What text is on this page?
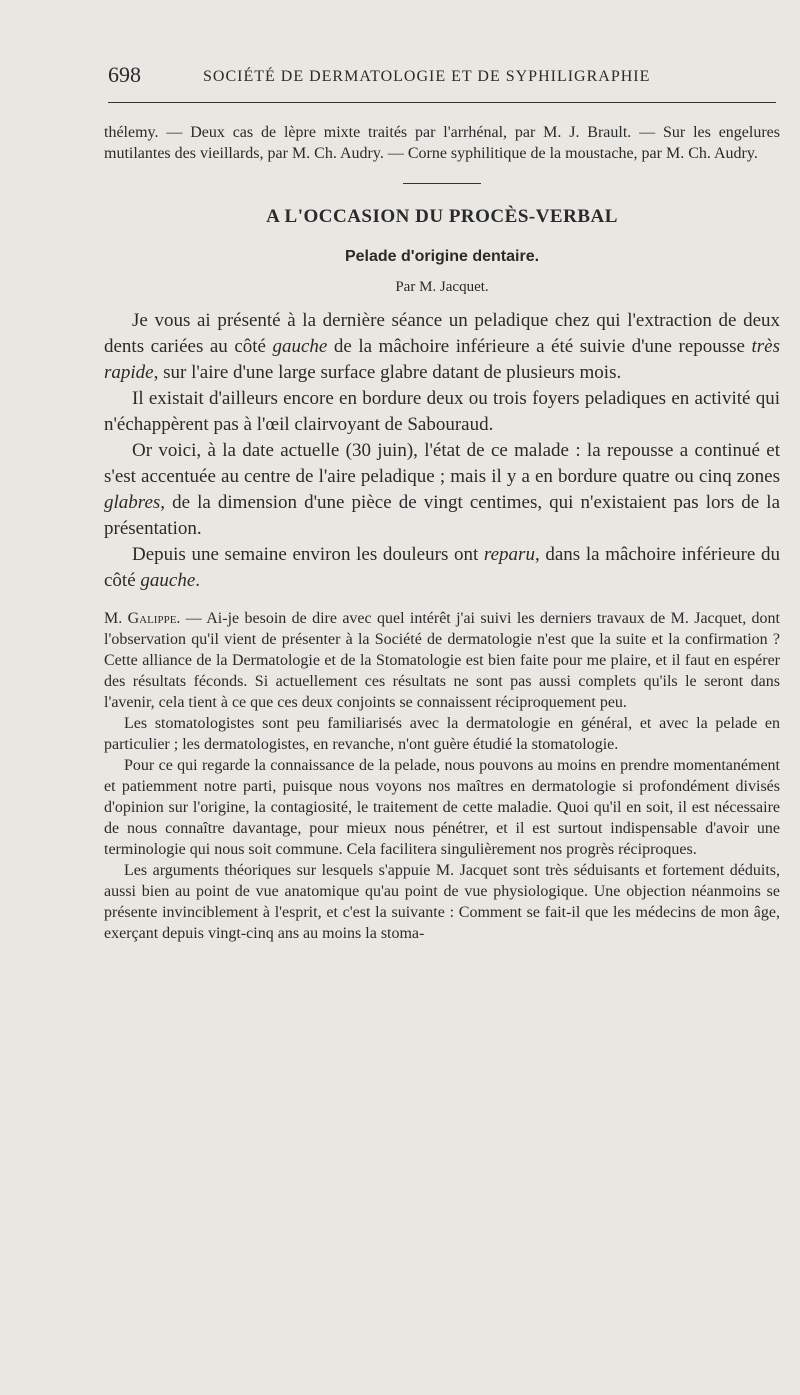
698	SOCIÉTÉ DE DERMATOLOGIE ET DE SYPHILIGRAPHIE

thélemy. — Deux cas de lèpre mixte traités par l'arrhénal, par M. J. Brault. — Sur les engelures mutilantes des vieillards, par M. Ch. Audry. — Corne syphilitique de la moustache, par M. Ch. Audry.

A L'OCCASION DU PROCÈS-VERBAL
Pelade d'origine dentaire.

Par M. Jacquet.

Je vous ai présenté à la dernière séance un peladique chez qui l'extraction de deux dents cariées au côté gauche de la mâchoire inférieure a été suivie d'une repousse très rapide, sur l'aire d'une large surface glabre datant de plusieurs mois.

Il existait d'ailleurs encore en bordure deux ou trois foyers peladiques en activité qui n'échappèrent pas à l'œil clairvoyant de Sabouraud.

Or voici, à la date actuelle (30 juin), l'état de ce malade : la repousse a continué et s'est accentuée au centre de l'aire peladique ; mais il y a en bordure quatre ou cinq zones glabres, de la dimension d'une pièce de vingt centimes, qui n'existaient pas lors de la présentation.

Depuis une semaine environ les douleurs ont reparu, dans la mâchoire inférieure du côté gauche.

M. Galippe. — Ai-je besoin de dire avec quel intérêt j'ai suivi les derniers travaux de M. Jacquet, dont l'observation qu'il vient de présenter à la Société de dermatologie n'est que la suite et la confirmation ? Cette alliance de la Dermatologie et de la Stomatologie est bien faite pour me plaire, et il faut en espérer des résultats féconds. Si actuellement ces résultats ne sont pas aussi complets qu'ils le seront dans l'avenir, cela tient à ce que ces deux conjoints se connaissent réciproquement peu.

Les stomatologistes sont peu familiarisés avec la dermatologie en général, et avec la pelade en particulier ; les dermatologistes, en revanche, n'ont guère étudié la stomatologie.

Pour ce qui regarde la connaissance de la pelade, nous pouvons au moins en prendre momentanément et patiemment notre parti, puisque nous voyons nos maîtres en dermatologie si profondément divisés d'opinion sur l'origine, la contagiosité, le traitement de cette maladie. Quoi qu'il en soit, il est nécessaire de nous connaître davantage, pour mieux nous pénétrer, et il est surtout indispensable d'avoir une terminologie qui nous soit commune. Cela facilitera singulièrement nos progrès réciproques.

Les arguments théoriques sur lesquels s'appuie M. Jacquet sont très séduisants et fortement déduits, aussi bien au point de vue anatomique qu'au point de vue physiologique. Une objection néanmoins se présente invinciblement à l'esprit, et c'est la suivante : Comment se fait-il que les médecins de mon âge, exerçant depuis vingt-cinq ans au moins la stoma-
